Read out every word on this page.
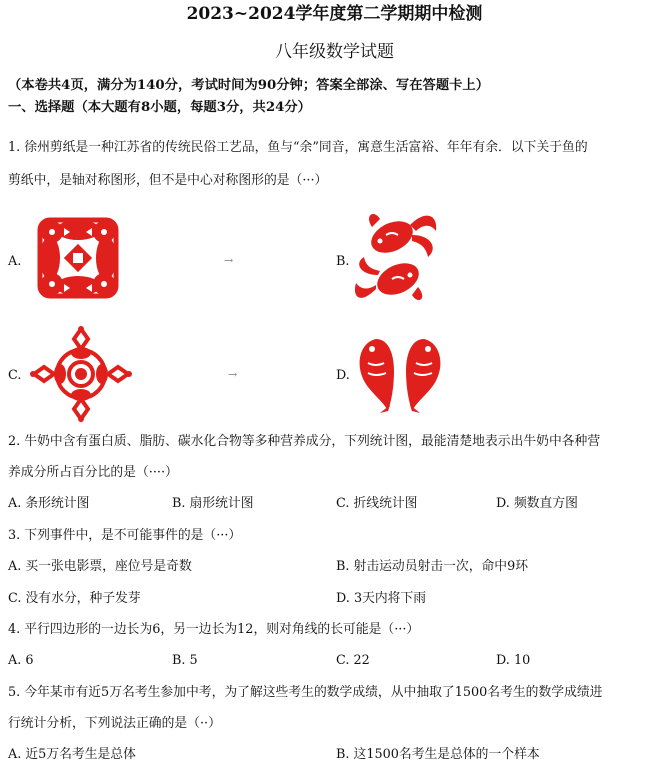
2023~2024学年度第二学期期中检测
八年级数学试题
（本卷共4页，满分为140分，考试时间为90分钟；答案全部涂、写在答题卡上）
一、选择题（本大题有8小题，每题3分，共24分）
1. 徐州剪纸是一种江苏省的传统民俗工艺品，鱼与“余”同音，寓意生活富裕、年年有余．以下关于鱼的
剪纸中，是轴对称图形，但不是中心对称图形的是（···）
A.	→	B.
C.	→	D.
2. 牛奶中含有蛋白质、脂肪、碳水化合物等多种营养成分，下列统计图，最能清楚地表示出牛奶中各种营
养成分所占百分比的是（····）
A. 条形统计图	B. 扇形统计图	C. 折线统计图	D. 频数直方图
3. 下列事件中，是不可能事件的是（···）
A. 买一张电影票，座位号是奇数	B. 射击运动员射击一次，命中9环
C. 没有水分，种子发芽	D. 3天内将下雨
4. 平行四边形的一边长为6，另一边长为12，则对角线的长可能是（···）
A. 6	B. 5	C. 22	D. 10
5. 今年某市有近5万名考生参加中考，为了解这些考生的数学成绩，从中抽取了1500名考生的数学成绩进
行统计分析，下列说法正确的是（··）
A. 近5万名考生是总体	B. 这1500名考生是总体的一个样本
